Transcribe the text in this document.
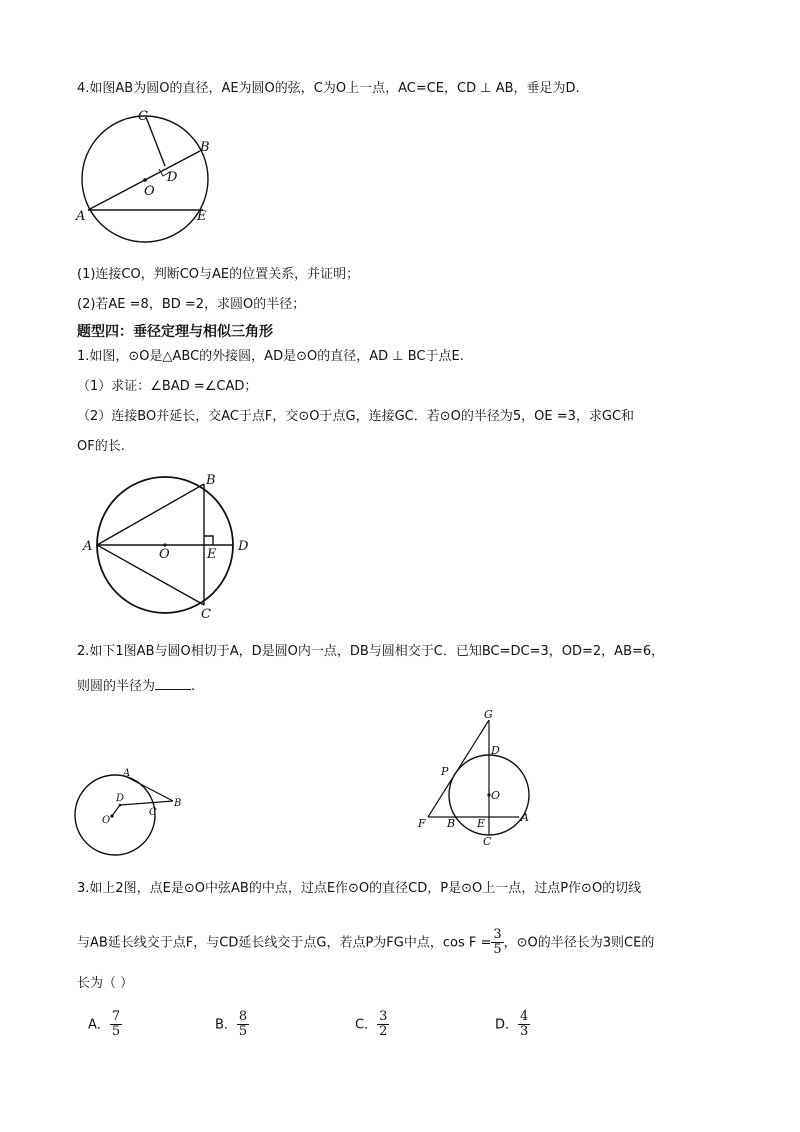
4.如图AB为圆O的直径，AE为圆O的弦，C为O上一点，AC=CE，CD ⊥ AB，垂足为D.
C
B
D
O
A	E
(1)连接CO，判断CO与AE的位置关系，并证明；
(2)若AE =8，BD =2，求圆O的半径；
题型四：垂径定理与相似三角形
1.如图，⊙O是△ABC的外接圆，AD是⊙O的直径，AD ⊥ BC于点E.
（1）求证：∠BAD =∠CAD；
（2）连接BO并延长，交AC于点F，交⊙O于点G，连接GC．若⊙O的半径为5，OE =3，求GC和
OF的长.
A
B
C
D
E
O
2.如下1图AB与圆O相切于A，D是圆O内一点，DB与圆相交于C．已知BC=DC=3，OD=2，AB=6，
则圆的半径为	.
A
D	B
C
O
G
D
P
O
F B E	A
C
3.如上2图，点E是⊙O中弦AB的中点，过点E作⊙O的直径CD，P是⊙O上一点，过点P作⊙O的切线
与AB延长线交于点F，与CD延长线交于点G，若点P为FG中点，$\cos F = \frac{3}{5}$ ，⊙O的半径长为3则CE的
长为（ ）
A． $\frac{7}{5}$	B． $\frac{8}{5}$	C． $\frac{3}{2}$	D． $\frac{4}{3}$
